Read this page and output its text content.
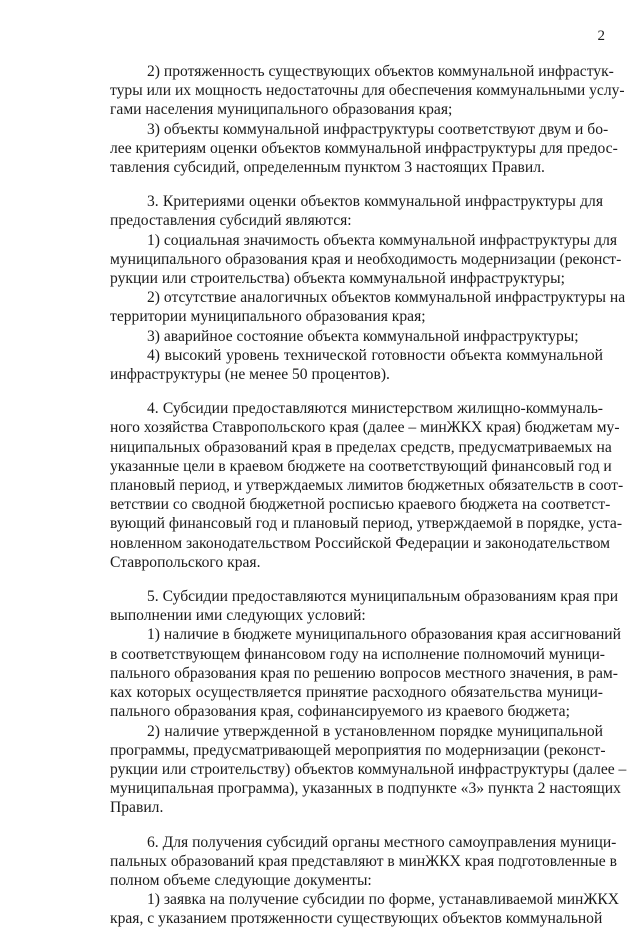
2
2) протяженность существующих объектов коммунальной инфрастук-
туры или их мощность недостаточны для обеспечения коммунальными услу-
гами населения муниципального образования края;
3) объекты коммунальной инфраструктуры соответствуют двум и бо-
лее критериям оценки объектов коммунальной инфраструктуры для предос-
тавления субсидий, определенным пунктом 3 настоящих Правил.
3. Критериями оценки объектов коммунальной инфраструктуры для
предоставления субсидий являются:
1) социальная значимость объекта коммунальной инфраструктуры для
муниципального образования края и необходимость модернизации (реконст-
рукции или строительства) объекта коммунальной инфраструктуры;
2) отсутствие аналогичных объектов коммунальной инфраструктуры на
территории муниципального образования края;
3) аварийное состояние объекта коммунальной инфраструктуры;
4) высокий уровень технической готовности объекта коммунальной
инфраструктуры (не менее 50 процентов).
4. Субсидии предоставляются министерством жилищно-коммуналь-
ного хозяйства Ставропольского края (далее – минЖКХ края) бюджетам му-
ниципальных образований края в пределах средств, предусматриваемых на
указанные цели в краевом бюджете на соответствующий финансовый год и
плановый период, и утверждаемых лимитов бюджетных обязательств в соот-
ветствии со сводной бюджетной росписью краевого бюджета на соответст-
вующий финансовый год и плановый период, утверждаемой в порядке, уста-
новленном законодательством Российской Федерации и законодательством
Ставропольского края.
5. Субсидии предоставляются муниципальным образованиям края при
выполнении ими следующих условий:
1) наличие в бюджете муниципального образования края ассигнований
в соответствующем финансовом году на исполнение полномочий муници-
пального образования края по решению вопросов местного значения, в рам-
ках которых осуществляется принятие расходного обязательства муници-
пального образования края, софинансируемого из краевого бюджета;
2) наличие утвержденной в установленном порядке муниципальной
программы, предусматривающей мероприятия по модернизации (реконст-
рукции или строительству) объектов коммунальной инфраструктуры (далее –
муниципальная программа), указанных в подпункте «3» пункта 2 настоящих
Правил.
6. Для получения субсидий органы местного самоуправления муници-
пальных образований края представляют в минЖКХ края подготовленные в
полном объеме следующие документы:
1) заявка на получение субсидии по форме, устанавливаемой минЖКХ
края, с указанием протяженности существующих объектов коммунальной
